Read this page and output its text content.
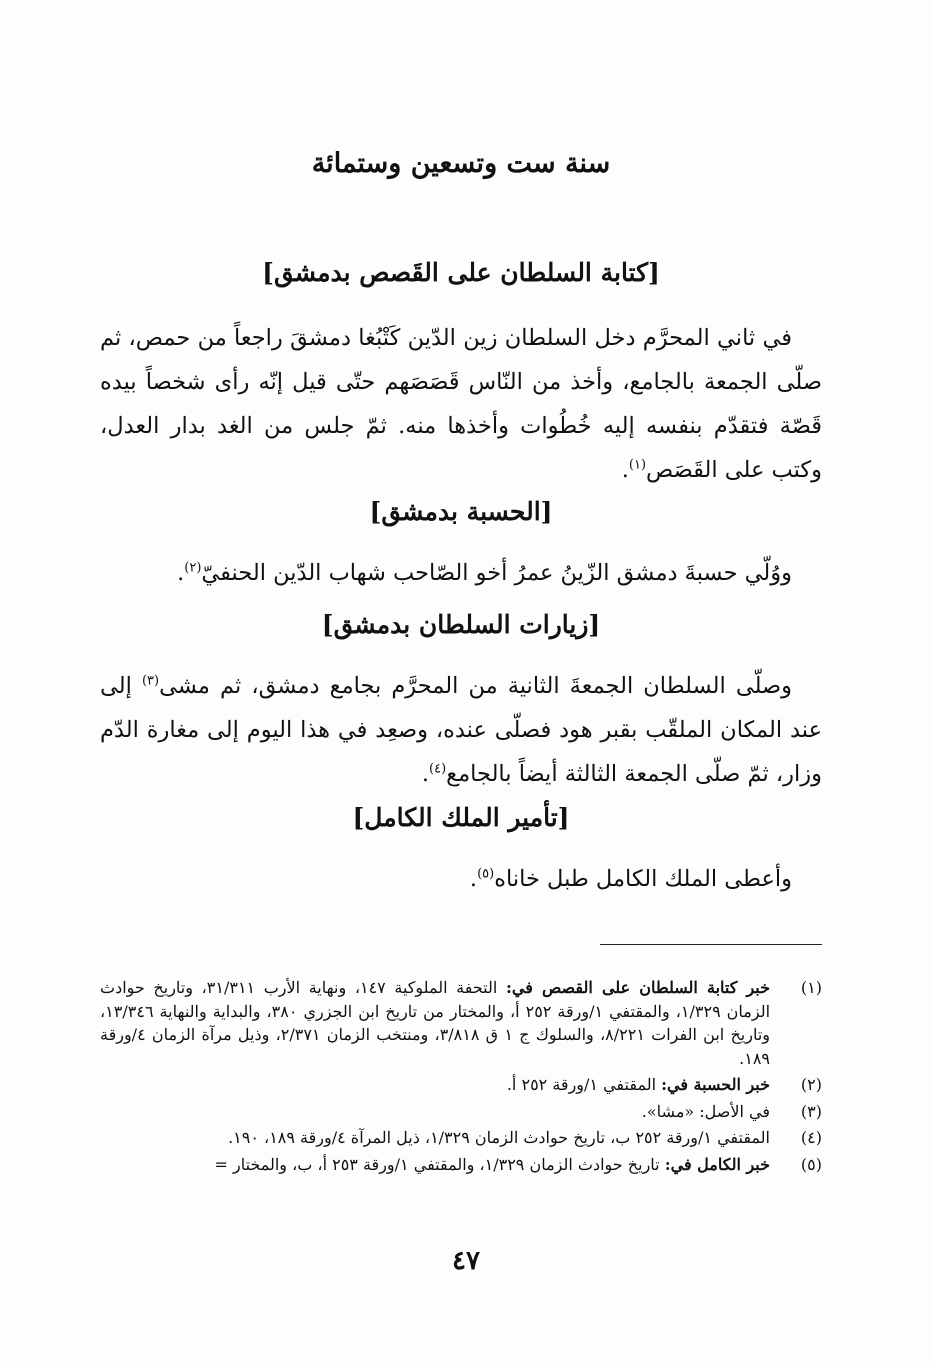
سنة ست وتسعين وستمائة
[كتابة السلطان على القَصص بدمشق]

في ثاني المحرَّم دخل السلطان زين الدّين كَتْبُغا دمشقَ راجعاً من حمص، ثم صلّى الجمعة بالجامع، وأخذ من النّاس قَصَصَهم حتّى قيل إنّه رأى شخصاً بيده قَصّة فتقدّم بنفسه إليه خُطُوات وأخذها منه. ثمّ جلس من الغد بدار العدل، وكتب على القَصَص$^{(١)}$.

[الحسبة بدمشق]

ووُلّي حسبةَ دمشق الزّينُ عمرُ أخو الصّاحب شهاب الدّين الحنفيّ$^{(٢)}$.

[زيارات السلطان بدمشق]

وصلّى السلطان الجمعةَ الثانية من المحرَّم بجامع دمشق، ثم مشى$^{(٣)}$ إلى عند المكان الملقّب بقبر هود فصلّى عنده، وصعِد في هذا اليوم إلى مغارة الدّم وزار، ثمّ صلّى الجمعة الثالثة أيضاً بالجامع$^{(٤)}$.

[تأمير الملك الكامل]

وأعطى الملك الكامل طبل خاناه$^{(٥)}$.

(١)
خبر كتابة السلطان على القصص في: التحفة الملوكية ١٤٧، ونهاية الأرب ٣١/٣١١، وتاريخ حوادث الزمان ١/٣٢٩، والمقتفي ١/ورقة ٢٥٢ أ، والمختار من تاريخ ابن الجزري ٣٨٠، والبداية والنهاية ١٣/٣٤٦، وتاريخ ابن الفرات ٨/٢٢١، والسلوك ج ١ ق ٣/٨١٨، ومنتخب الزمان ٢/٣٧١، وذيل مرآة الزمان ٤/ورقة ١٨٩.
(٢)
خبر الحسبة في: المقتفي ١/ورقة ٢٥٢ أ.
(٣)
في الأصل: «مشا».
(٤)
المقتفي ١/ورقة ٢٥٢ ب، تاريخ حوادث الزمان ١/٣٢٩، ذيل المرآة ٤/ورقة ١٨٩، ١٩٠.
(٥)
خبر الكامل في: تاريخ حوادث الزمان ١/٣٢٩، والمقتفي ١/ورقة ٢٥٣ أ، ب، والمختار =
٤٧
